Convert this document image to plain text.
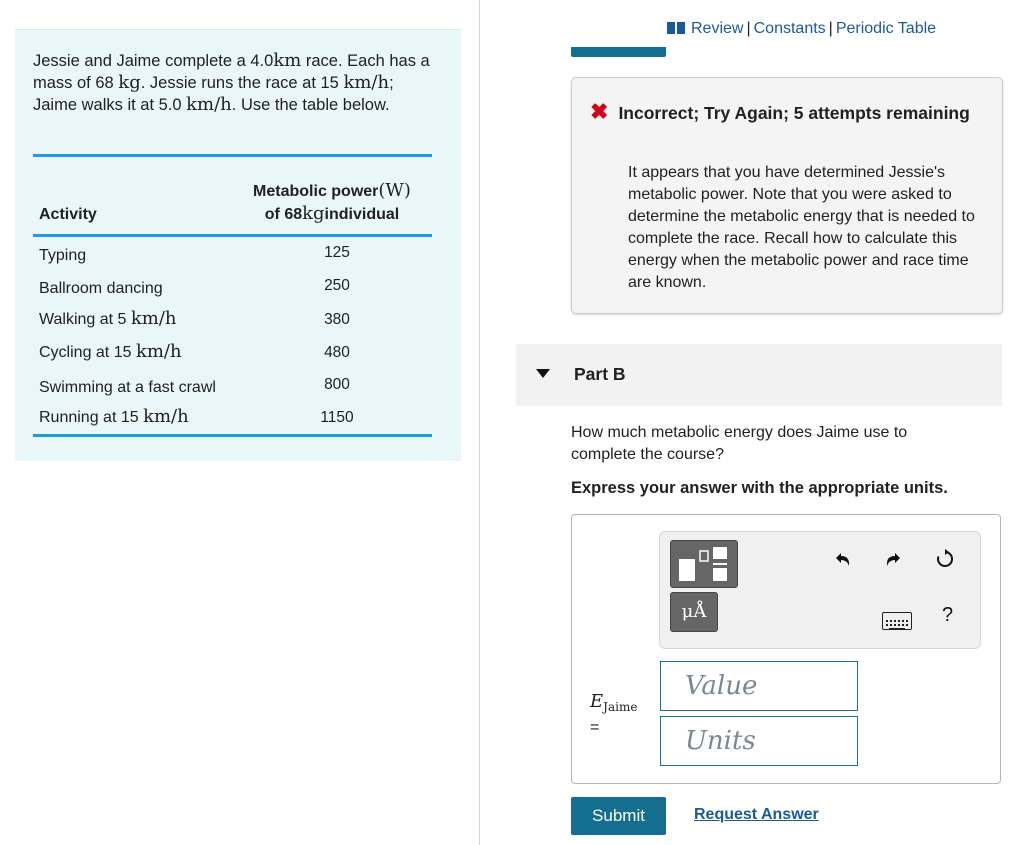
Jessie and Jaime complete a 4.0km race. Each has a mass of 68 kg. Jessie runs the race at 15 km/h; Jaime walks it at 5.0 km/h. Use the table below.
Activity
Metabolic power(W)
of 68kgindividual
Typing	125
Ballroom dancing	250
Walking at 5 km/h	380
Cycling at 15 km/h	480
Swimming at a fast crawl	800
Running at 15 km/h	1150
Review | Constants | Periodic Table
✖ Incorrect; Try Again; 5 attempts remaining
It appears that you have determined Jessie's metabolic power. Note that you were asked to determine the metabolic energy that is needed to complete the race. Recall how to calculate this energy when the metabolic power and race time are known.
Part B
How much metabolic energy does Jaime use to complete the course?
Express your answer with the appropriate units.
μÅ	?
$E_{Jaime}$
=
Value
Units
Submit	Request Answer
